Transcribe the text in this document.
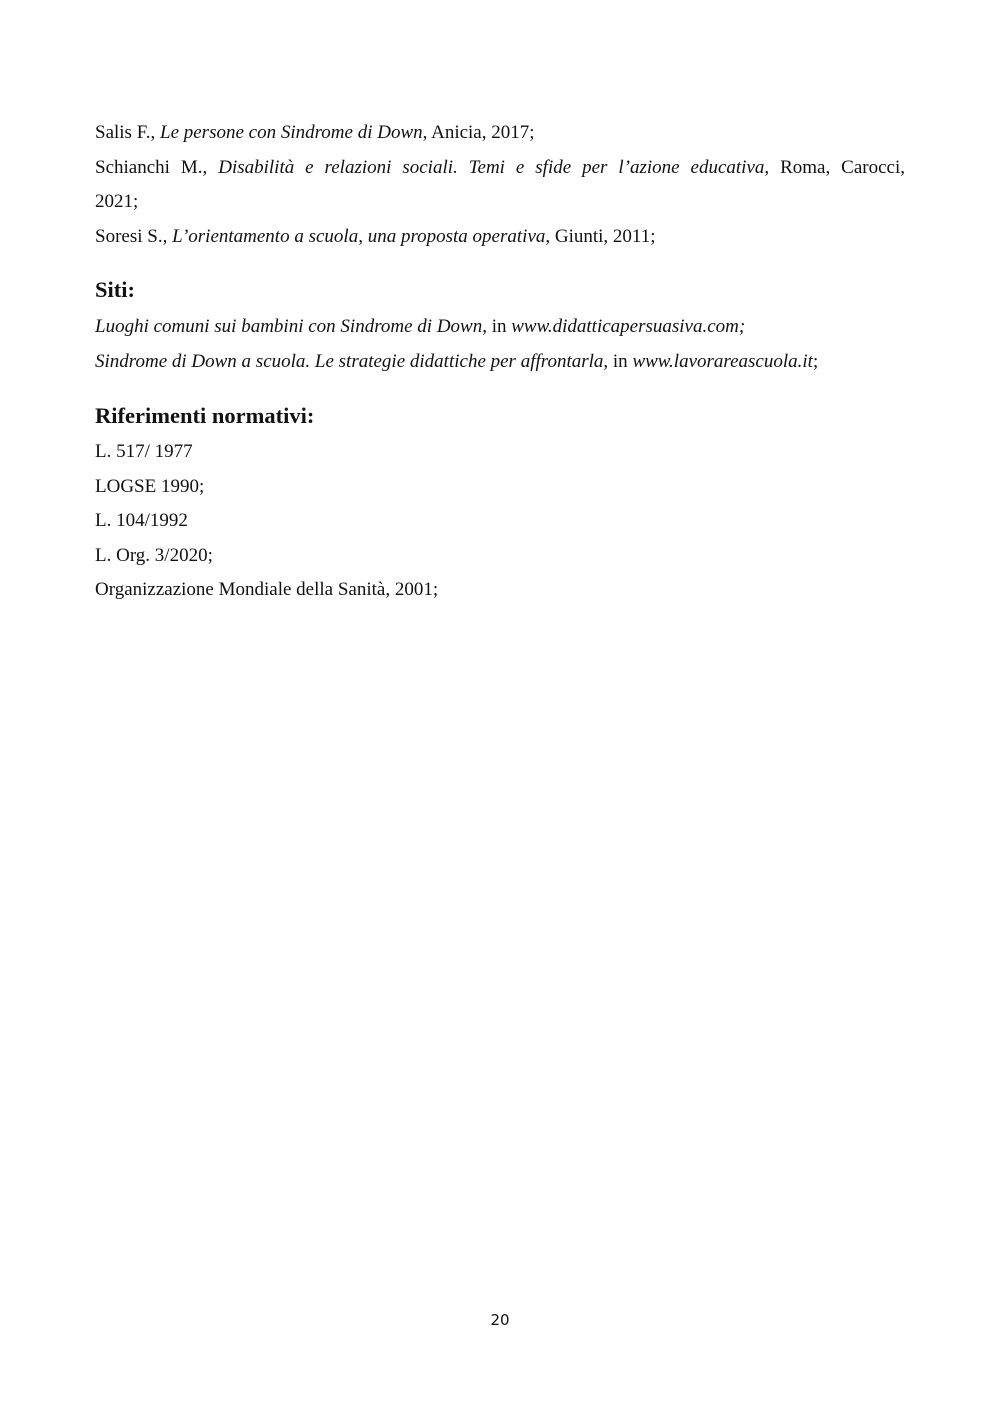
Salis F., Le persone con Sindrome di Down, Anicia, 2017;

Schianchi M., Disabilità e relazioni sociali. Temi e sfide per l’azione educativa, Roma, Carocci,

2021;

Soresi S., L’orientamento a scuola, una proposta operativa, Giunti, 2011;

Siti:

Luoghi comuni sui bambini con Sindrome di Down, in www.didatticapersuasiva.com;

Sindrome di Down a scuola. Le strategie didattiche per affrontarla, in www.lavorareascuola.it;

Riferimenti normativi:

L. 517/ 1977

LOGSE 1990;

L. 104/1992

L. Org. 3/2020;

Organizzazione Mondiale della Sanità, 2001;

20
